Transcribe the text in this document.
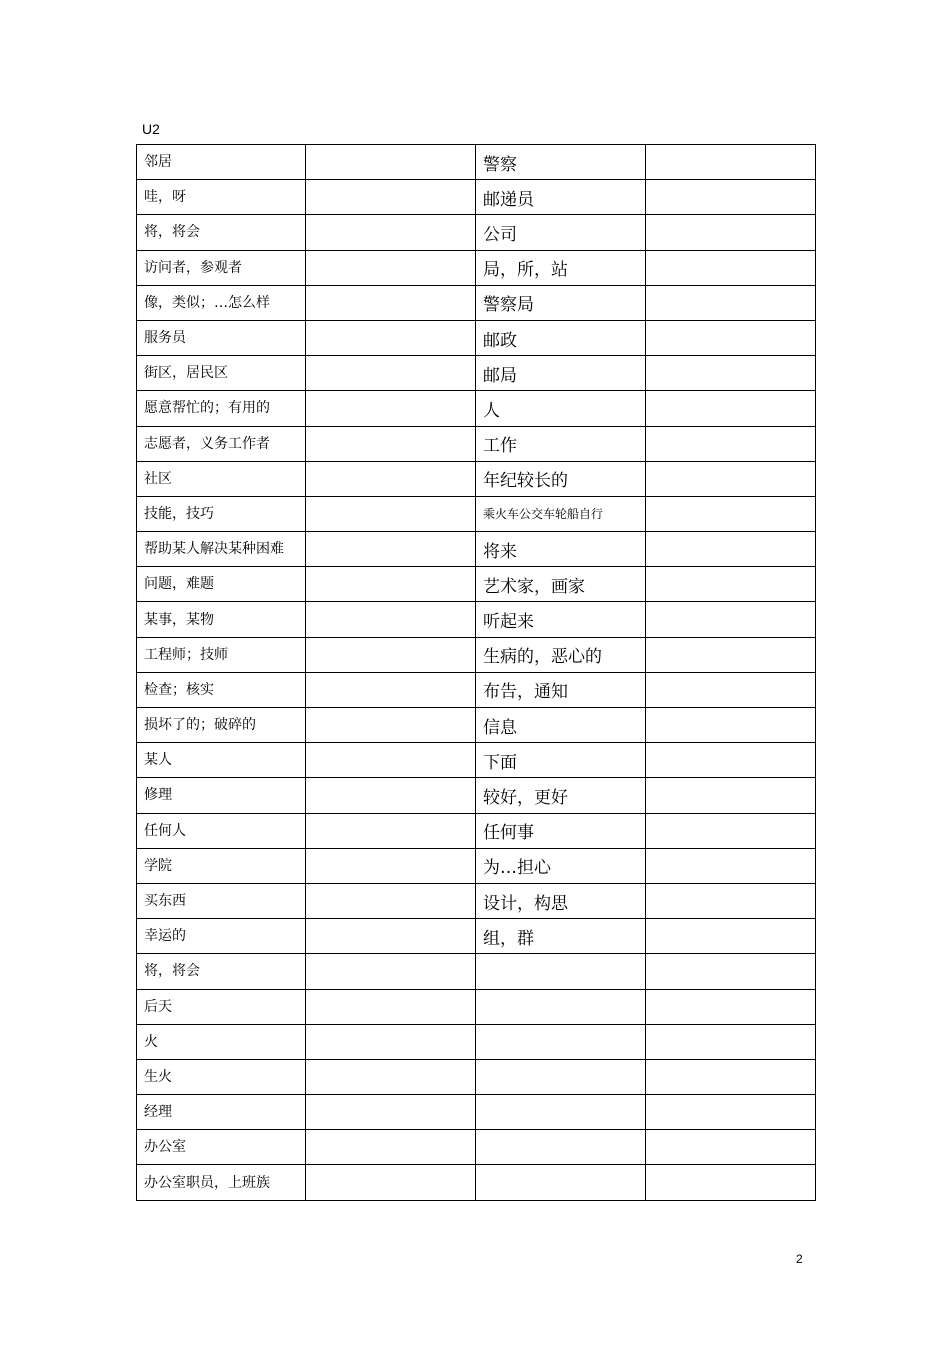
U2
邻居		警察	
哇，呀		邮递员	
将，将会		公司	
访问者，参观者		局，所，站	
像，类似；…怎么样		警察局	
服务员		邮政	
街区，居民区		邮局	
愿意帮忙的；有用的		人	
志愿者，义务工作者		工作	
社区		年纪较长的	
技能，技巧		乘火车公交车轮船自行	
帮助某人解决某种困难		将来	
问题，难题		艺术家，画家	
某事，某物		听起来	
工程师；技师		生病的，恶心的	
检查；核实		布告，通知	
损坏了的；破碎的		信息	
某人		下面	
修理		较好，更好	
任何人		任何事	
学院		为…担心	
买东西		设计，构思	
幸运的		组，群	
将，将会			
后天			
火			
生火			
经理			
办公室			
办公室职员，上班族			
2
